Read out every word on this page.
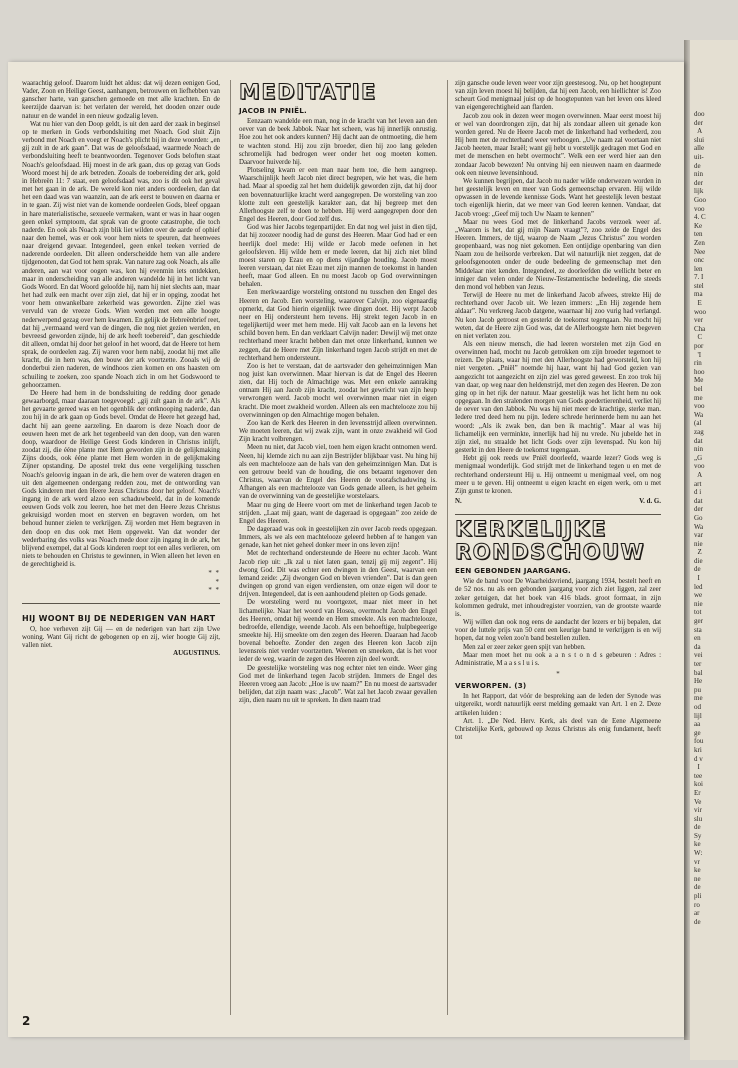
doo
der
A
slui
alle
uit-
de
nin
der
lijk
Goo
voo
4. C
Ke
ten
Zen
Nee
onc
len
7. I
stel
ma
E
woo
ver
Cha
C
por
'I
rin
hoo
Me
bel
me
voo
Wa
(al
zag
dat
nin
„G
voo
A
art
d i
dat
der
Go
Wa
var
nie
Z
die
de
I
led
we
nie
tot
ger
sta
en
da
vei
ter
bal
He
pu
me
od
lijl
aa
ge
fou
kri
d v
I
tee
koi
Er
Ve
vir
slu
de
Sy
ke
W:
vr
ke
ne
de
pli
ro
ar
de

waarachtig geloof. Daarom luidt het aldus: dat wij dezen eenigen God, Vader, Zoon en Heilige Geest, aanhangen, betrouwen en liefhebben van ganscher harte, van ganschen gemoede en met alle krachten. En de keerzijde daarvan is: het verlaten der wereld, het dooden onzer oude natuur en de wandel in een nieuw godzalig leven.

Wat nu hier van den Doop geldt, is uit den aard der zaak in beginsel op te merken in Gods verbondsluiting met Noach. God sluit Zijn verbond met Noach en voegt er Noach's plicht bij in deze woorden: „en gij zult in de ark gaan”. Dat was de geloofsdaad, waarmede Noach de verbondsluiting heeft te beantwoorden. Tegenover Gods beloften staat Noach's geloofsdaad. Hij moest in de ark gaan, dus op gezag van Gods Woord moest hij de ark betreden. Zooals de toebereiding der ark, gold in Hebreën 11: 7 staat, een geloofsdaad was, zoo is dit ook het geval met het gaan in de ark. De wereld kon niet anders oordeelen, dan dat het een daad was van waanzin, aan de ark eerst te bouwen en daarna er in te gaan. Zij wist niet van de komende oordeelen Gods, bleef opgaan in hare materialistische, sexueele vermaken, want er was in haar oogen geen enkel symptoom, dat sprak van de groote catastrophe, die toch naderde. En ook als Noach zijn blik liet wilden over de aarde of ophief naar den hemel, was er ook voor hem niets te speuren, dat heenwees naar dreigend gevaar. Integendeel, geen enkel teeken verried de naderende oordeelen. Dit alleen onderscheidde hem van alle andere tijdgenooten, dat God tot hem sprak. Van nature zag ook Noach, als alle anderen, aan wat voor oogen was, kon hij evenmin iets ontdekken, maar in onderscheiding van alle anderen wandelde hij in het licht van Gods Woord. En dat Woord geloofde hij, nam hij niet slechts aan, maar het had zulk een macht over zijn ziel, dat hij er in opging, zoodat het voor hem onwankelbare zekerheid was geworden. Zijne ziel was vervuld van de vreeze Gods. Wien werden met een alle hoogte nederwerpend gezag over hem kwamen. En gelijk de Hebreënbrief reet, dat hij „vermaand werd van de dingen, die nog niet gezien werden, en bevreesd geworden zijnde, hij de ark heeft toebereid”, dan geschiedde dit alleen, omdat hij door het geloof in het woord, dat de Heere tot hem sprak, de oordeelen zag. Zij waren voor hem nabij, zoodat hij met alle kracht, die in hem was, den bouw der ark voortzette. Zooals wij de donderbui zien naderen, de windhoos zien komen en ons haasten om schuiling te zoeken, zoo spande Noach zich in om het Godswoord te gehoorzamen.

De Heere had hem in de bondssluiting de redding door genade gewaarborgd, maar daaraan toegevoegd: „gij zult gaan in de ark”. Als het gevaarte gereed was en het ogenblik der ontknooping naderde, dan zou hij in de ark gaan op Gods bevel. Omdat de Heere het gezegd had, dacht hij aan geene aarzeling. En daarom is deze Noach door de eeuwen heen met de ark het tegenbeeld van den doop, van den waren doop, waardoor de Heilige Geest Gods kinderen in Christus inlijft, zoodat zij, die ééne plante met Hem geworden zijn in de gelijkmaking Zijns doods, ook ééne plante met Hem worden in de gelijkmaking Zijner opstanding. De apostel trekt dus eene vergelijking tusschen Noach's geloovig ingaan in de ark, die hem over de wateren dragen en uit den algemeenen ondergang redden zou, met de ontwording van Gods kinderen met den Heere Jezus Christus door het geloof. Noach's ingang in de ark werd alzoo een schaduwbeeld, dat in de komende eeuwen Gods volk zou leeren, hoe het met den Heere Jezus Christus gekruisigd worden moet en sterven en begraven worden, om het behoud hunner zielen te verkrijgen. Zij worden met Hem begraven in den doop en dus ook met Hem opgewekt. Van dat wonder der wederbaring des volks was Noach mede door zijn ingang in de ark, het blijvend exempel, dat al Gods kinderen roept tot een alles verlieren, om niets te behouden en Christus te gewinnen, in Wien alleen het leven en de gerechtigheid is.

* *
*
* *
HIJ WOONT BIJ DE NEDERIGEN VAN HART

O, hoe verheven zijt Gij — en de nederigen van hart zijn Uwe woning. Want Gij richt de gebogenen op en zij, wier hoogte Gij zijt, vallen niet.

AUGUSTINUS.
MEDITATIE
JACOB IN PNIËL.

Eenzaam wandelde een man, nog in de kracht van het leven aan den oever van de beek Jabbok. Naar het scheen, was hij innerlijk onrustig. Hoe zou het ook anders kunnen? Hij dacht aan de ontmoeting, die hem te wachten stond. Hij zou zijn broeder, dien hij zoo lang geleden schromelijk had bedrogen weer onder het oog moeten komen. Daarvoor huiverde hij.

Plotseling kwam er een man naar hem toe, die hem aangreep. Waarschijnlijk heeft Jacob niet direct begrepen, wie het was, die hem had. Maar al spoedig zal het hem duidelijk geworden zijn, dat hij door een bovennatuurlijke kracht werd aangegrepen. De worsteling van zoo klotte zult een geestelijk karakter aan, dat hij begreep met den Allerhoogste zelf te doen te hebben. Hij werd aangegrepen door den Engel des Heeren, door God zelf dus.

God was hier Jacobs tegenpartijder. En dat nog wel juist in dien tijd, dat hij zoozeer noodig had de gunst des Heeren. Maar God had er een heerlijk doel mede: Hij wilde er Jacob mede oefenen in het geloofsleven. Hij wilde hem er mede leeren, dat hij zich niet blind moest staren op Ezau en op diens vijandige houding. Jacob moest leeren verstaan, dat niet Ezau met zijn mannen de toekomst in handen heeft, maar God alleen. En nu moest Jacob op God overwinningen behalen.

Een merkwaardige worsteling ontstond nu tusschen den Engel des Heeren en Jacob. Een worsteling, waarover Calvijn, zoo eigenaardig opmerkt, dat God hierin eigenlijk twee dingen doet. Hij werpt Jacob neer en Hij ondersteunt hem tevens. Hij strekt tegen Jacob in en tegelijkertijd weer met hem mede. Hij valt Jacob aan en la levens het schild boven hem. En dan verklaart Calvijn nader: Dewijl wij met onze rechterhand meer kracht hebben dan met onze linkerhand, kunnen we zeggen, dat de Heere met Zijn linkerhand tegen Jacob strijdt en met de rechterhand hem ondersteunt.

Zoo is het te verstaan, dat de aartsvader den geheimzinnigen Man nog juist kan overwinnen. Maar hiervan is dat de Engel des Heeren zien, dat Hij toch de Almachtige was. Met een enkele aanraking ontnam Hij aan Jacob zijn kracht, zoodat het gewricht van zijn heup verwrongen werd. Jacob mocht wel overwinnen maar niet in eigen kracht. Die moet zwakheid worden. Alleen als een machtelooze zou hij overwinningen op den Almachtige mogen behalen.

Zoo kan de Kerk des Heeren in den levensstrijd alleen overwinnen. We moeten leeren, dat wij zwak zijn, want in onze zwakheid wil God Zijn kracht volbrengen.

Meen nu niet, dat Jacob viel, toen hem eigen kracht ontnomen werd. Neen, hij klemde zich nu aan zijn Bestrijder blijkbaar vast. Nu hing hij als een machtelooze aan de hals van den geheimzinnigen Man. Dat is een getrouw beeld van de houding, die ons betaamt tegenover den Christus, waarvan de Engel des Heeren de voorafschaduwing is. Afhangen als een machtelooze van Gods genade alleen, is het geheim van de overwinning van de geestelijke worstelaars.

Maar nu ging de Heere voort om met de linkerhand tegen Jacob te strijden. „Laat mij gaan, want de dageraad is opgegaan” zoo zeide de Engel des Heeren.

De dageraad was ook in geestelijken zin over Jacob reeds opgegaan. Immers, als we als een machtelooze geleerd hebben af te hangen van genade, kan het niet geheel donker meer in ons leven zijn!

Met de rechterhand ondersteunde de Heere nu echter Jacob. Want Jacob riep uit: „Ik zal u niet laten gaan, tenzij gij mij zegent”. Hij dwong God. Dit was echter een dwingen in den Geest, waarvan een lemand zeide: „Zij dwongen God en bleven vrienden”. Dat is dan geen dwingen op grond van eigen verdiensten, om onze eigen wil door te drijven. Integendeel, dat is een aanhoudend pleiten op Gods genade.

De worsteling werd nu voortgezet, maar niet meer in het lichamelijke. Naar het woord van Hosea, overmocht Jacob den Engel des Heeren, omdat hij weende en Hem smeekte. Als een machtelooze, bedroefde, ellendige, weende Jacob. Als een behoeftige, hulpbegeerige smeekte hij. Hij smeekte om den zegen des Heeren. Daaraan had Jacob bovenal behoefte. Zonder den zegen des Heeren kon Jacob zijn levensreis niet verder voortzetten. Weenen en smeeken, dat is het voor ieder de weg, waarin de zegen des Heeren zijn deel wordt.

De geestelijke worsteling was nog echter niet ten einde. Weer ging God met de linkerhand tegen Jacob strijden. Immers de Engel des Heeren vroeg aan Jacob: „Hoe is uw naam?” En nu moest de aartsvader belijden, dat zijn naam was: „Jacob”. Wat zal het Jacob zwaar gevallen zijn, dien naam nu uit te spreken. In dien naam trad

zijn gansche oude leven weer voor zijn geestesoog. Nu, op het hoogtepunt van zijn leven moest hij belijden, dat hij een Jacob, een hiellichter is! Zoo scheurt God menigmaal juist op de hoogtepunten van het leven ons kleed van eigengerechtigheid aan flarden.

Jacob zou ook in dezen weer mogen overwinnen. Maar eerst moest hij er wel van doordrongen zijn, dat hij als zondaar alleen uit genade kon worden gered. Nu de Heere Jacob met de linkerhand had verhederd, zou Hij hem met de rechterhand weer verhoogen. „Uw naam zal voortaan niet Jacob heeten, maar Israël; want gij hebt u vorstelijk gedragen met God en met de menschen en hebt overmocht”. Welk een eer werd hier aan den zondaar Jacob bewezen! Nu ontving hij een nieuwen naam en daarmede ook een nieuwe levensinhoud.

We kunnen begrijpen, dat Jacob nu nader wilde onderwezen worden in het geestelijk leven en meer van Gods gemeenschap ervaren. Hij wilde opwassen in de levende kennisse Gods. Want het geestelijk leven bestaat toch eigenlijk hierin, dat we meer van God leeren kennen. Vandaar, dat Jacob vroeg: „Geef mij toch Uw Naam te kennen”

Maar nu wees God met de linkerhand Jacobs verzoek weer af. „Waarom is het, dat gij mijn Naam vraagt”?, zoo zeide de Engel des Heeren. Immers, de tijd, waarop de Naam „Jezus Christus” zou worden geopenbaard, was nog niet gekomen. Een ontijdige openbaring van dien Naam zou de heilsorde verbreken. Dat wil natuurlijk niet zeggen, dat de geloofsgenooten onder de oude bedeeling de gemeenschap met den Middelaar niet kenden. Integendeel, ze doorleefden die wellicht beter en inniger dan velen onder de Nieuw-Testamentische bedeeling, die steeds den mond vol hebben van Jezus.

Terwijl de Heere nu met de linkerhand Jacob afwees, strekte Hij de rechterhand over Jacob uit. We lezen immers: „En Hij zegende hem aldaar”. Nu verkreeg Jacob datgene, waarnaar hij zoo vurig had verlangd. Nu kon Jacob getroost en gesterkt de toekomst tegengaan. Nu mocht hij weten, dat de Heere zijn God was, dat de Allerhoogste hem niet begeven en niet verlaten zou.

Als een nieuw mensch, die had leeren worstelen met zijn God en overwinnen had, mocht nu Jacob getrokken om zijn broeder tegemoet te reizen. De plaats, waar hij met den Allerhoogste had geworsteld, kon hij niet vergeten. „Pniël” noemde hij haar, want hij had God gezien van aangezicht tot aangezicht en zijn ziel was gered geweest. En zoo trok hij van daar, op weg naar den heldenstrijd, met den zegen des Heeren. De zon ging op in het rijk der natuur. Maar geestelijk was het licht hem nu ook opgegaan. In den stralenden morgen van Gods goedertierenheid, verliet hij de oever van den Jabbok. Nu was hij niet meer de krachtige, sterke man. Iedere tred deed hem nu pijn. Iedere schrede herinnerde hem nu aan het woord: „Als ik zwak ben, dan ben ik machtig”. Maar al was hij lichamelijk een verminkte, innerlijk had hij nu vrede. Nu jubelde het in zijn ziel, nu straalde het licht Gods over zijn levenspad. Nu kon hij gesterkt in den Heere de toekomst tegengaan.

Hebt gij ook reeds uw Pniël doorleefd, waarde lezer? Gods weg is menigmaal wonderlijk. God strijdt met de linkerhand tegen u en met de rechterhand ondersteunt Hij u. Hij ontneemt u menigmaal veel, om nog meer u te geven. Hij ontneemt u eigen kracht en eigen werk, om u met Zijn gunst te kronen.

N.	V. d. G.
KERKELIJKE
RONDSCHOUW
EEN GEBONDEN JAARGANG.

Wie de band voor De Waarheidsvriend, jaargang 1934, bestelt heeft en de 52 nos. nu als een gebonden jaargang voor zich ziet liggen, zal zeer zeker getuigen, dat het boek van 416 blads. groot formaat, in zijn kolommen gedrukt, met inhoudregister voorzien, van de grootste waarde is.

Wij willen dan ook nog eens de aandacht der lezers er bij bepalen, dat voor de luttele prijs van 50 cent een keurige band te verkrijgen is en wij hopen, dat nog velen zoo'n band bestellen zullen.

Men zal er zeer zeker geen spijt van hebben.

Maar men moet het nu ook a a n s t o n d s gebeuren : Adres : Administratie, M a a s s l u i s.

*
VERWORPEN. (3)

In het Rapport, dat vóór de bespreking aan de leden der Synode was uitgereikt, wordt natuurlijk eerst melding gemaakt van Art. 1 en 2. Deze artikelen luiden :

Art. 1. „De Ned. Herv. Kerk, als deel van de Eene Algemeene Christelijke Kerk, gebouwd op Jezus Christus als enig fundament, heeft tot

2
